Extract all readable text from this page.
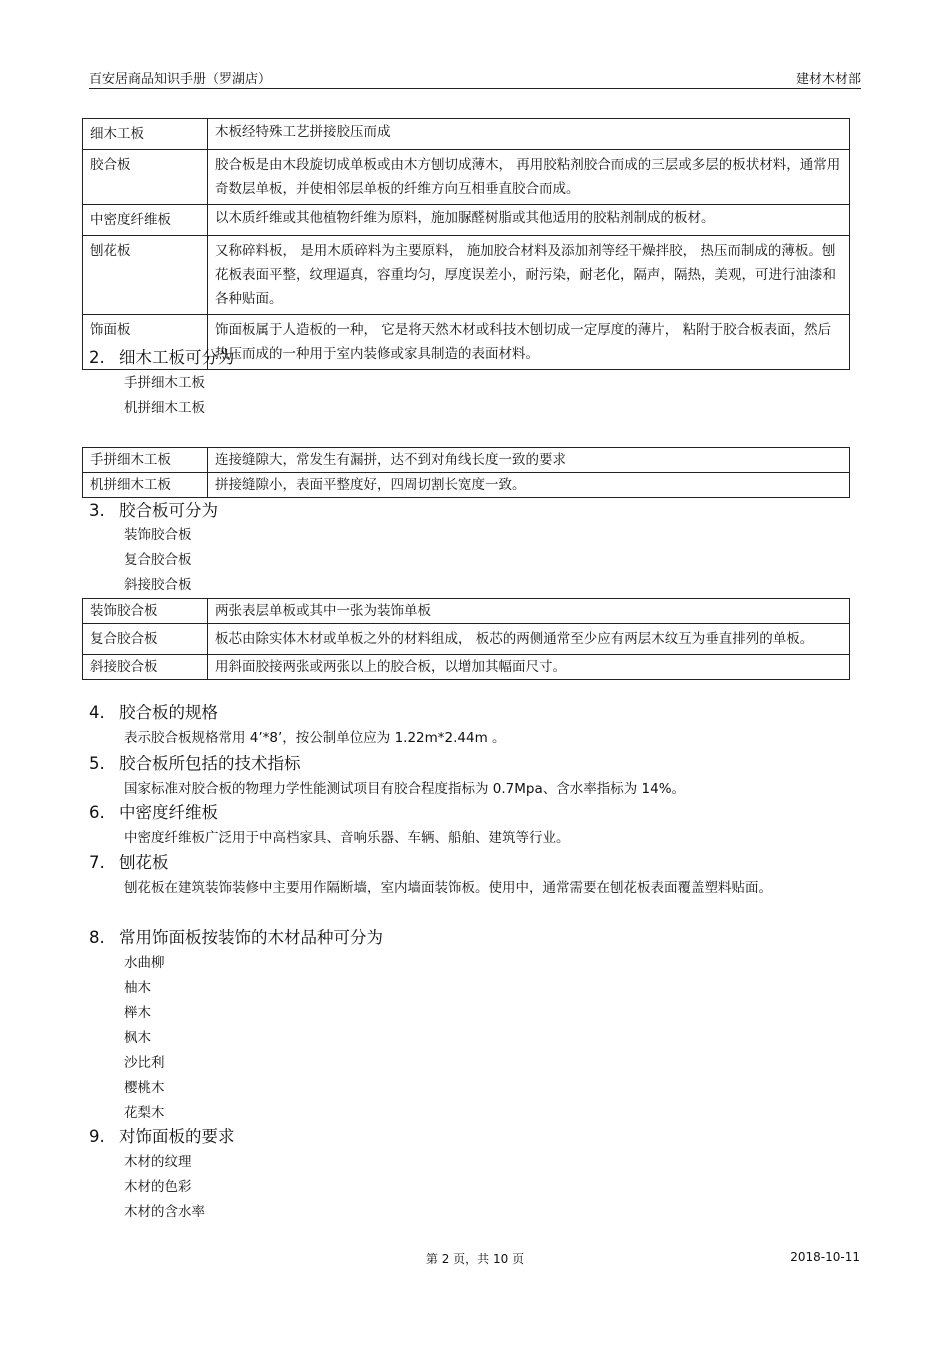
百安居商品知识手册（罗湖店）	建材木材部
细木工板	木板经特殊工艺拼接胶压而成
胶合板	胶合板是由木段旋切成单板或由木方刨切成薄木， 再用胶粘剂胶合而成的三层或多层的板状材料，通常用奇数层单板，并使相邻层单板的纤维方向互相垂直胶合而成。
中密度纤维板	以木质纤维或其他植物纤维为原料，施加脲醛树脂或其他适用的胶粘剂制成的板材。
刨花板	又称碎料板， 是用木质碎料为主要原料， 施加胶合材料及添加剂等经干燥拌胶， 热压而制成的薄板。刨花板表面平整，纹理逼真，容重均匀，厚度误差小，耐污染，耐老化，隔声，隔热，美观，可进行油漆和各种贴面。
饰面板	饰面板属于人造板的一种， 它是将天然木材或科技木刨切成一定厚度的薄片， 粘附于胶合板表面，然后热压而成的一种用于室内装修或家具制造的表面材料。
2. 细木工板可分为
手拼细木工板
机拼细木工板
手拼细木工板	连接缝隙大，常发生有漏拼，达不到对角线长度一致的要求
机拼细木工板	拼接缝隙小，表面平整度好，四周切割长宽度一致。
3. 胶合板可分为
装饰胶合板
复合胶合板
斜接胶合板
装饰胶合板	两张表层单板或其中一张为装饰单板
复合胶合板	板芯由除实体木材或单板之外的材料组成， 板芯的两侧通常至少应有两层木纹互为垂直排列的单板。
斜接胶合板	用斜面胶接两张或两张以上的胶合板，以增加其幅面尺寸。
4. 胶合板的规格
表示胶合板规格常用 4’*8’，按公制单位应为 1.22m*2.44m 。
5. 胶合板所包括的技术指标
国家标准对胶合板的物理力学性能测试项目有胶合程度指标为 0.7Mpa、含水率指标为 14%。
6. 中密度纤维板
中密度纤维板广泛用于中高档家具、音响乐器、车辆、船舶、建筑等行业。
7. 刨花板
刨花板在建筑装饰装修中主要用作隔断墙，室内墙面装饰板。使用中，通常需要在刨花板表面覆盖塑料贴面。
8. 常用饰面板按装饰的木材品种可分为
水曲柳
柚木
榉木
枫木
沙比利
樱桃木
花梨木
9. 对饰面板的要求
木材的纹理
木材的色彩
木材的含水率
第 2 页，共 10 页	2018-10-11
